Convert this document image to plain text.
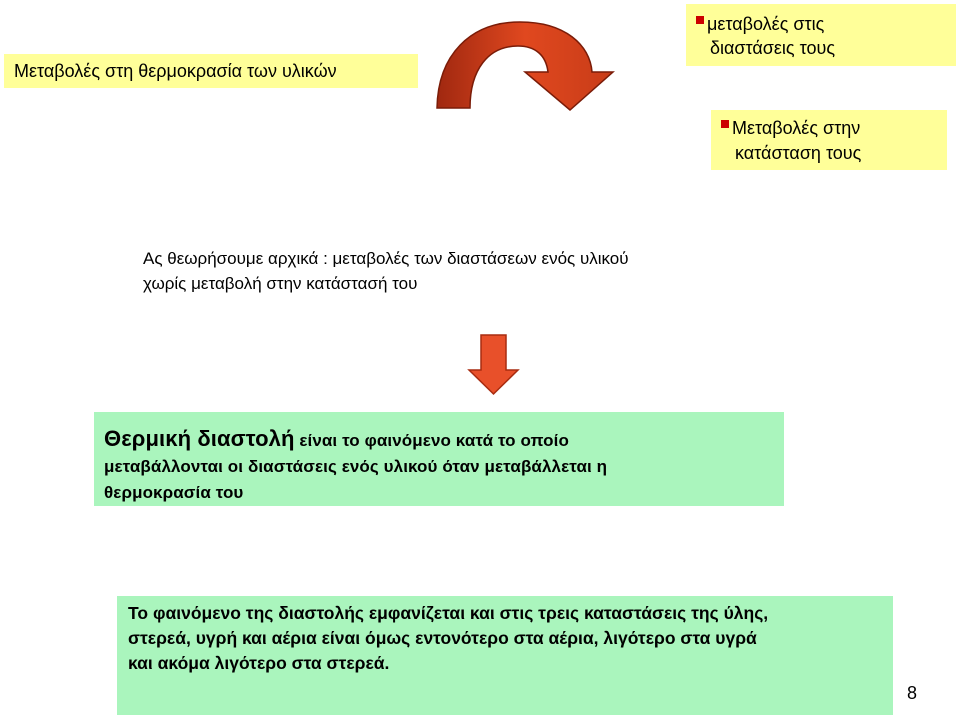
Μεταβολές στη θερμοκρασία των υλικών
μεταβολές στις
διαστάσεις τους
Μεταβολές στην
κατάσταση τους
Ας θεωρήσουμε αρχικά : μεταβολές των διαστάσεων ενός υλικού
χωρίς μεταβολή στην κατάστασή του
Θερμική διαστολή είναι το φαινόμενο κατά το οποίο
μεταβάλλονται οι διαστάσεις ενός υλικού όταν μεταβάλλεται η
θερμοκρασία του
Το φαινόμενο της διαστολής εμφανίζεται και στις τρεις καταστάσεις της ύλης,
στερεά, υγρή και αέρια είναι όμως εντονότερο στα αέρια, λιγότερο στα υγρά
και ακόμα λιγότερο στα στερεά.
8
